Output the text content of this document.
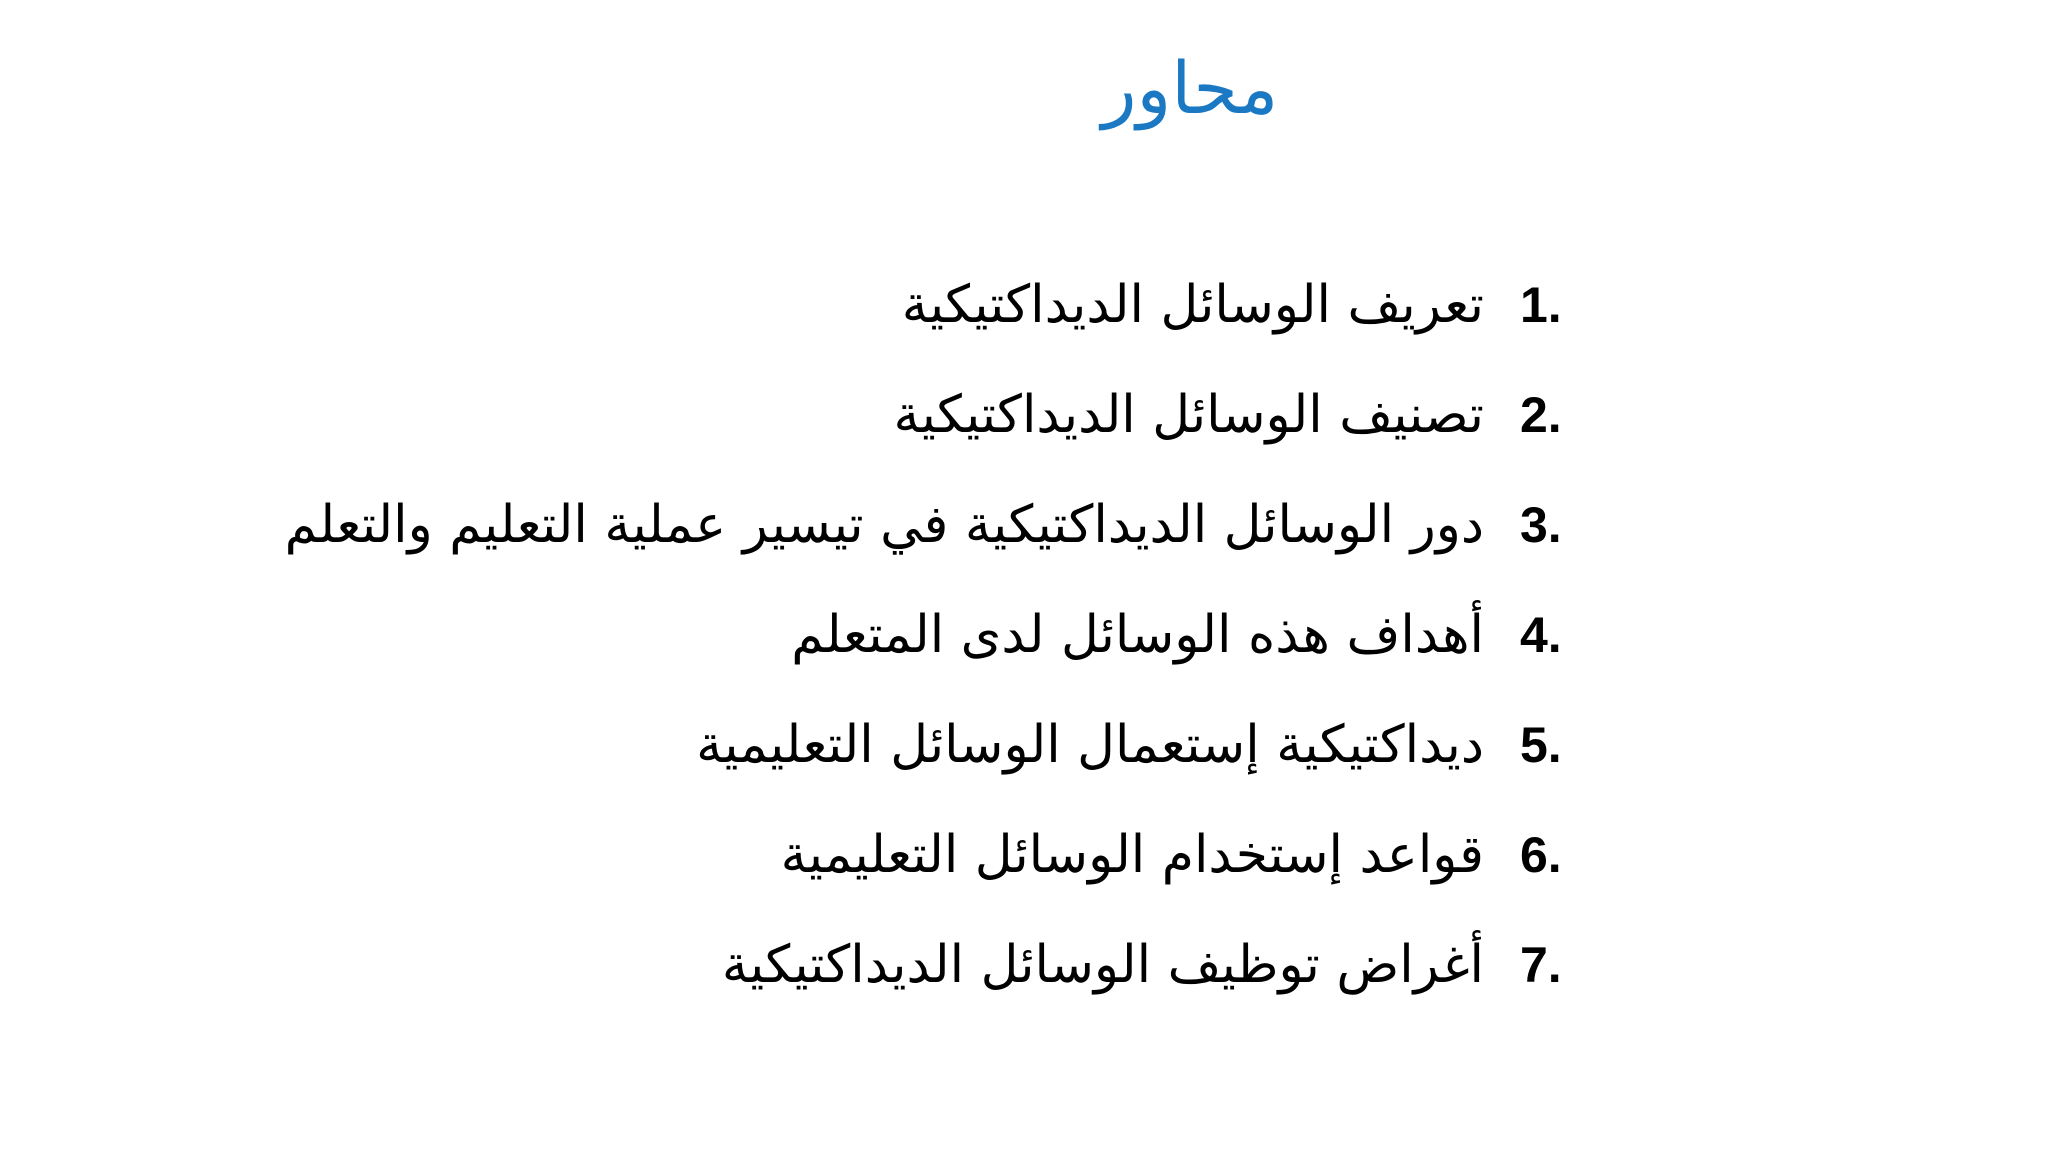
محاور
تعريف الوسائل الديداكتيكية 1.
تصنيف الوسائل الديداكتيكية 2.
دور الوسائل الديداكتيكية في تيسير عملية التعليم والتعلم 3.
أهداف هذه الوسائل لدى المتعلم 4.
ديداكتيكية إستعمال الوسائل التعليمية 5.
قواعد إستخدام الوسائل التعليمية 6.
أغراض توظيف الوسائل الديداكتيكية 7.
